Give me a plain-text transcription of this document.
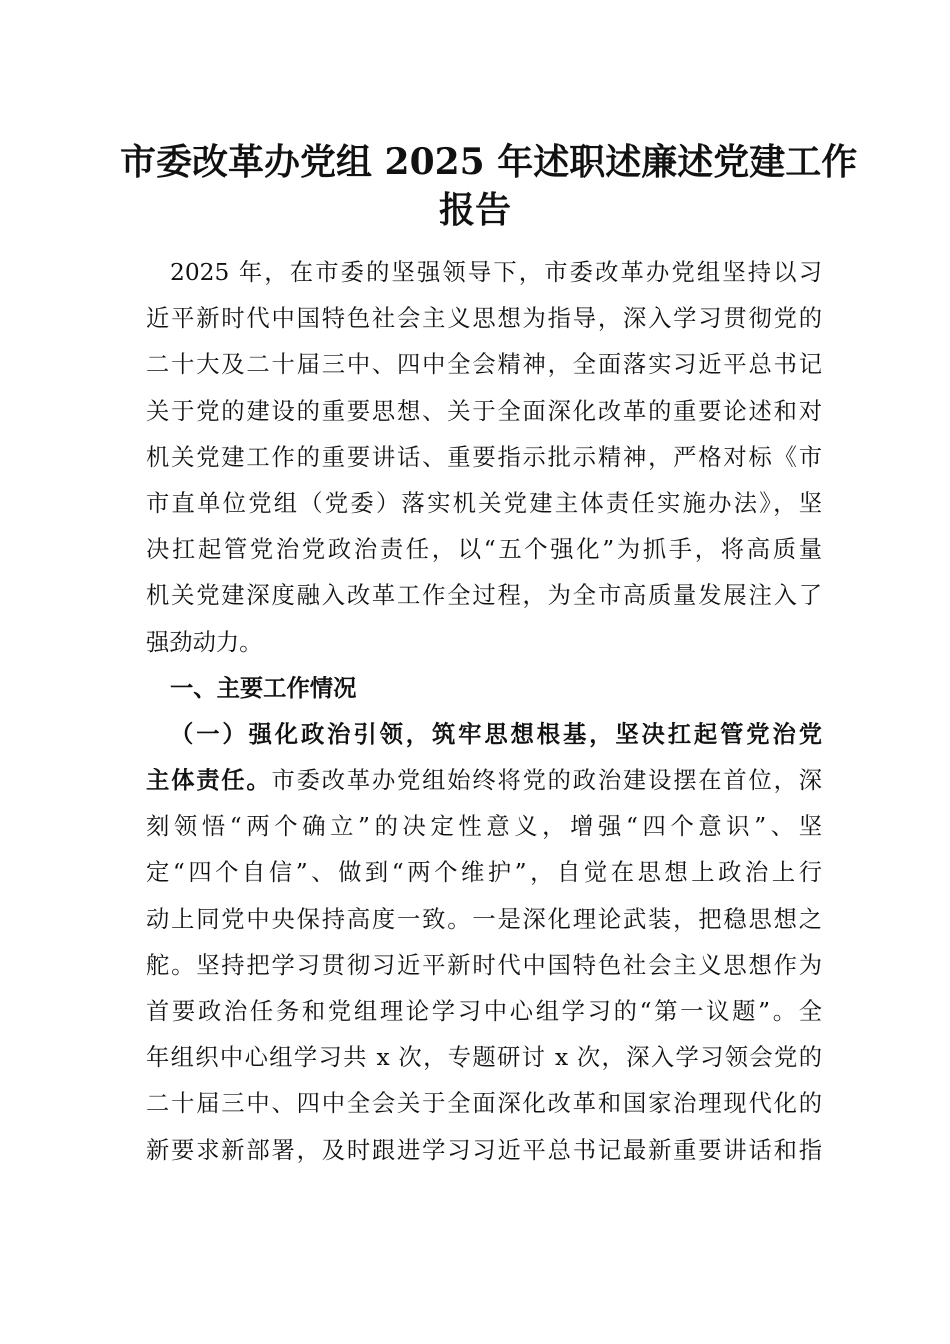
市委改革办党组 2025 年述职述廉述党建工作
报告
2025 年，在市委的坚强领导下，市委改革办党组坚持以习
近平新时代中国特色社会主义思想为指导，深入学习贯彻党的
二十大及二十届三中、四中全会精神，全面落实习近平总书记
关于党的建设的重要思想、关于全面深化改革的重要论述和对
机关党建工作的重要讲话、重要指示批示精神，严格对标《市
市直单位党组（党委）落实机关党建主体责任实施办法》，坚
决扛起管党治党政治责任，以“五个强化”为抓手，将高质量
机关党建深度融入改革工作全过程，为全市高质量发展注入了
强劲动力。
一、主要工作情况
（一）强化政治引领，筑牢思想根基，坚决扛起管党治党
主体责任。市委改革办党组始终将党的政治建设摆在首位，深
刻领悟“两个确立”的决定性意义，增强“四个意识”、坚
定“四个自信”、做到“两个维护”，自觉在思想上政治上行
动上同党中央保持高度一致。一是深化理论武装，把稳思想之
舵。坚持把学习贯彻习近平新时代中国特色社会主义思想作为
首要政治任务和党组理论学习中心组学习的“第一议题”。全
年组织中心组学习共 x 次，专题研讨 x 次，深入学习领会党的
二十届三中、四中全会关于全面深化改革和国家治理现代化的
新要求新部署，及时跟进学习习近平总书记最新重要讲话和指
